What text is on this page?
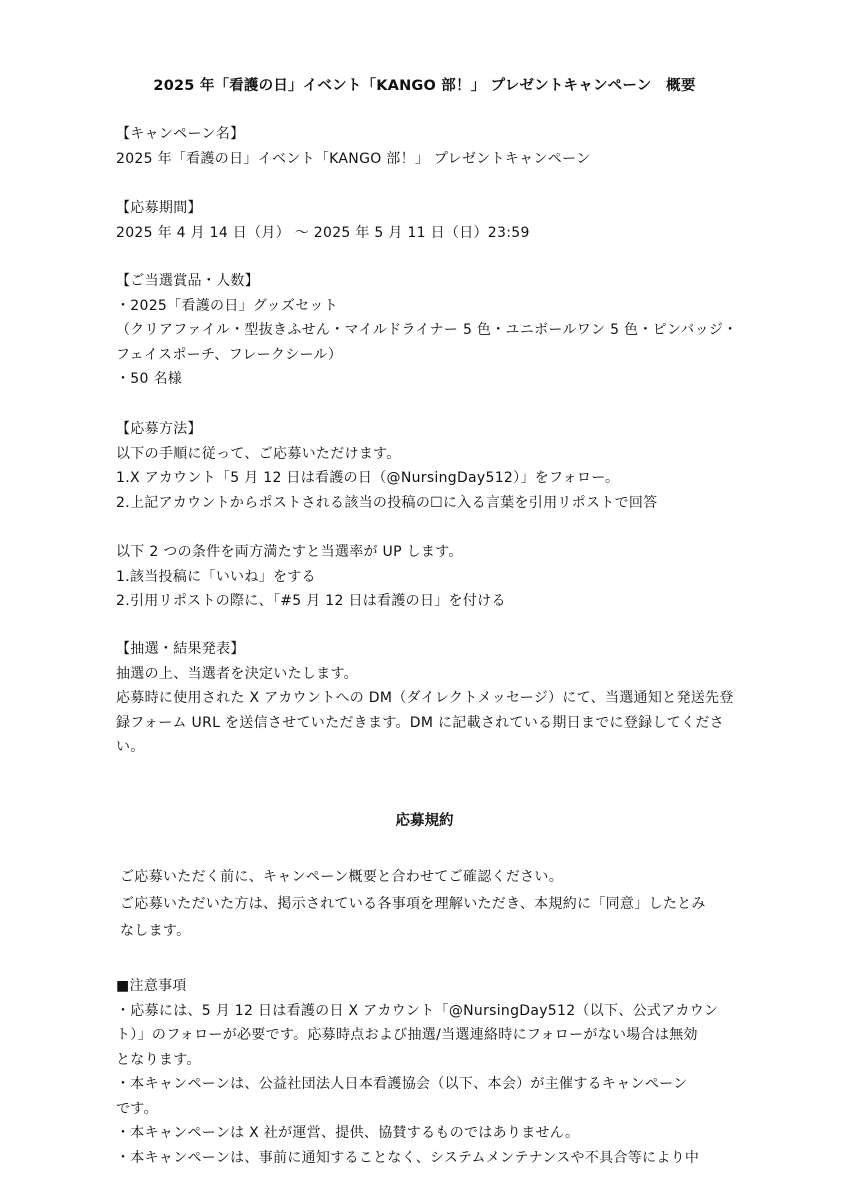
2025 年「看護の日」イベント「KANGO 部！」 プレゼントキャンペーン　概要

【キャンペーン名】

2025 年「看護の日」イベント「KANGO 部！」 プレゼントキャンペーン

【応募期間】

2025 年 4 月 14 日（月） 〜 2025 年 5 月 11 日（日）23:59

【ご当選賞品・人数】

・2025「看護の日」グッズセット

（クリアファイル・型抜きふせん・マイルドライナー 5 色・ユニボールワン 5 色・ピンバッジ・

フェイスポーチ、フレークシール）

・50 名様

【応募方法】

以下の手順に従って、ご応募いただけます。

1.X アカウント「5 月 12 日は看護の日（@NursingDay512）」をフォロー。

2.上記アカウントからポストされる該当の投稿の☐に入る言葉を引用リポストで回答

以下 2 つの条件を両方満たすと当選率が UP します。

1.該当投稿に「いいね」をする

2.引用リポストの際に、「#5 月 12 日は看護の日」を付ける

【抽選・結果発表】

抽選の上、当選者を決定いたします。

応募時に使用された X アカウントへの DM（ダイレクトメッセージ）にて、当選通知と発送先登

録フォーム URL を送信させていただきます。DM に記載されている期日までに登録してくださ

い。

応募規約

ご応募いただく前に、キャンペーン概要と合わせてご確認ください。

ご応募いただいた方は、掲示されている各事項を理解いただき、本規約に「同意」したとみ

なします。

■注意事項

・応募には、5 月 12 日は看護の日 X アカウント「@NursingDay512（以下、公式アカウン

ト）」のフォローが必要です。応募時点および抽選/当選連絡時にフォローがない場合は無効

となります。

・本キャンペーンは、公益社団法人日本看護協会（以下、本会）が主催するキャンペーン

です。

・本キャンペーンは X 社が運営、提供、協賛するものではありません。

・本キャンペーンは、事前に通知することなく、システムメンテナンスや不具合等により中
